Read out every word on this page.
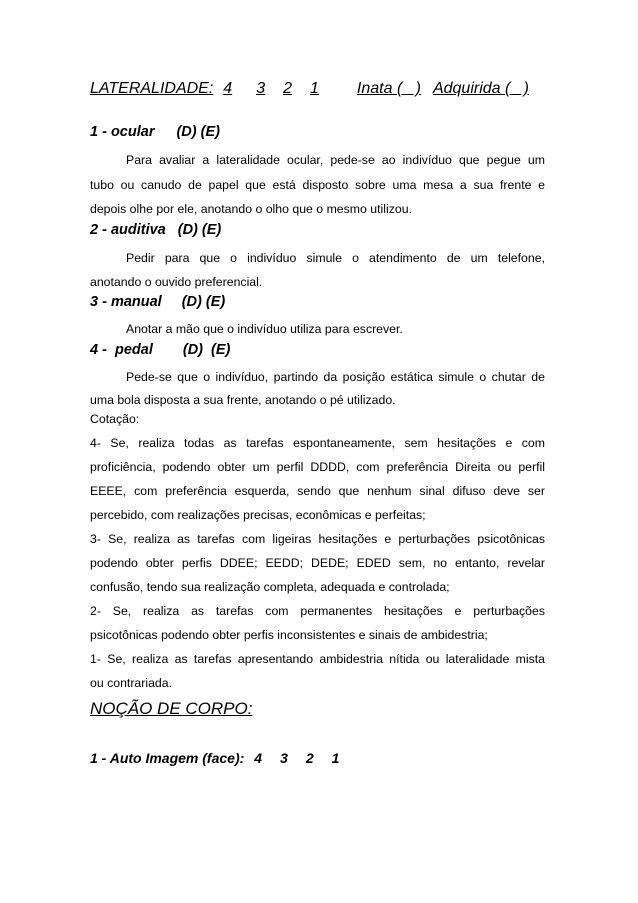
LATERALIDADE: 4 3 2 1 Inata (   ) Adquirida (   )
1 - ocular (D) (E)
Para avaliar a lateralidade ocular, pede-se ao indivíduo que pegue um
tubo ou canudo de papel que está disposto sobre uma mesa a sua frente e
depois olhe por ele, anotando o olho que o mesmo utilizou.
2 - auditiva (D) (E)
Pedir para que o indivíduo simule o atendimento de um telefone,
anotando o ouvido preferencial.
3 - manual (D) (E)
Anotar a mão que o indivíduo utiliza para escrever.
4 -  pedal (D)  (E)
Pede-se que o indivíduo, partindo da posição estática simule o chutar de
uma bola disposta a sua frente, anotando o pé utilizado.
Cotação:
4- Se, realiza todas as tarefas espontaneamente, sem hesitações e com
proficiência, podendo obter um perfil DDDD, com preferência Direita ou perfil
EEEE, com preferência esquerda, sendo que nenhum sinal difuso deve ser
percebido, com realizações precisas, econômicas e perfeitas;
3- Se, realiza as tarefas com ligeiras hesitações e perturbações psicotônicas
podendo obter perfis DDEE; EEDD; DEDE; EDED sem, no entanto, revelar
confusão, tendo sua realização completa, adequada e controlada;
2- Se, realiza as tarefas com permanentes hesitações e perturbações
psicotônicas podendo obter perfis inconsistentes e sinais de ambidestria;
1- Se, realiza as tarefas apresentando ambidestria nítida ou lateralidade mista
ou contrariada.
NOÇÃO DE CORPO:
1 - Auto Imagem (face): 4 3 2 1
